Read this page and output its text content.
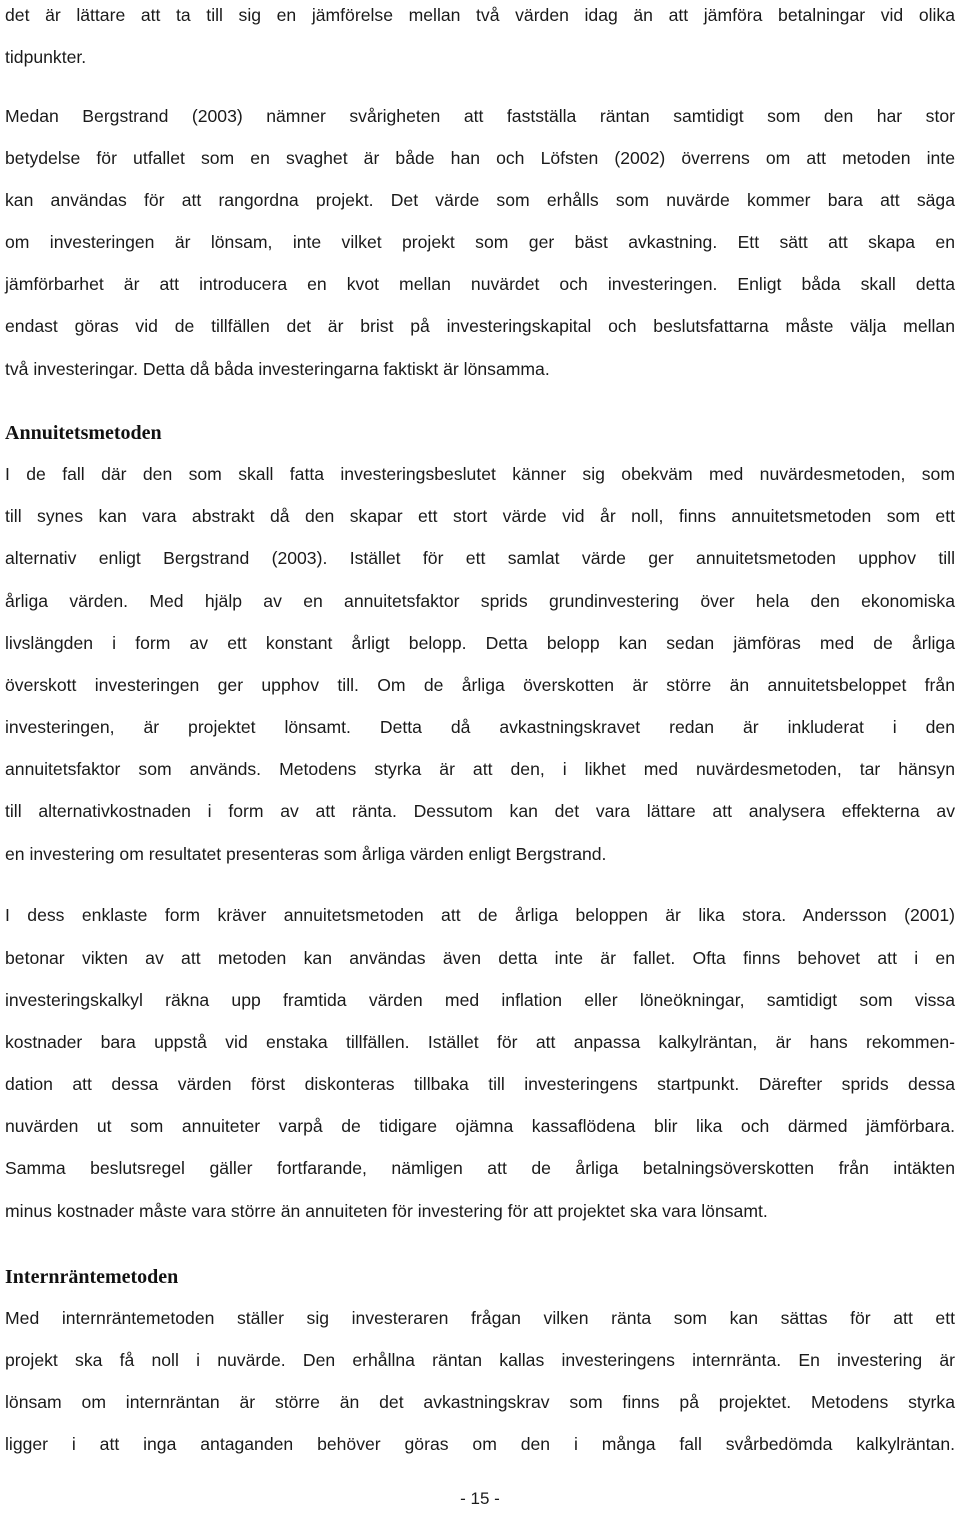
det är lättare att ta till sig en jämförelse mellan två värden idag än att jämföra betalningar vid olika
tidpunkter.
Medan Bergstrand (2003) nämner svårigheten att fastställa räntan samtidigt som den har stor
betydelse för utfallet som en svaghet är både han och Löfsten (2002) överrens om att metoden inte
kan användas för att rangordna projekt. Det värde som erhålls som nuvärde kommer bara att säga
om investeringen är lönsam, inte vilket projekt som ger bäst avkastning. Ett sätt att skapa en
jämförbarhet är att introducera en kvot mellan nuvärdet och investeringen. Enligt båda skall detta
endast göras vid de tillfällen det är brist på investeringskapital och beslutsfattarna måste välja mellan
två investeringar. Detta då båda investeringarna faktiskt är lönsamma.
Annuitetsmetoden
I de fall där den som skall fatta investeringsbeslutet känner sig obekväm med nuvärdesmetoden, som
till synes kan vara abstrakt då den skapar ett stort värde vid år noll, finns annuitetsmetoden som ett
alternativ enligt Bergstrand (2003). Istället för ett samlat värde ger annuitetsmetoden upphov till
årliga värden. Med hjälp av en annuitetsfaktor sprids grundinvestering över hela den ekonomiska
livslängden i form av ett konstant årligt belopp. Detta belopp kan sedan jämföras med de årliga
överskott investeringen ger upphov till. Om de årliga överskotten är större än annuitetsbeloppet från
investeringen, är projektet lönsamt. Detta då avkastningskravet redan är inkluderat i den
annuitetsfaktor som används. Metodens styrka är att den, i likhet med nuvärdesmetoden, tar hänsyn
till alternativkostnaden i form av att ränta. Dessutom kan det vara lättare att analysera effekterna av
en investering om resultatet presenteras som årliga värden enligt Bergstrand.
I dess enklaste form kräver annuitetsmetoden att de årliga beloppen är lika stora. Andersson (2001)
betonar vikten av att metoden kan användas även detta inte är fallet. Ofta finns behovet att i en
investeringskalkyl räkna upp framtida värden med inflation eller löneökningar, samtidigt som vissa
kostnader bara uppstå vid enstaka tillfällen. Istället för att anpassa kalkylräntan, är hans rekommen-
dation att dessa värden först diskonteras tillbaka till investeringens startpunkt. Därefter sprids dessa
nuvärden ut som annuiteter varpå de tidigare ojämna kassaflödena blir lika och därmed jämförbara.
Samma beslutsregel gäller fortfarande, nämligen att de årliga betalningsöverskotten från intäkten
minus kostnader måste vara större än annuiteten för investering för att projektet ska vara lönsamt.
Internräntemetoden
Med internräntemetoden ställer sig investeraren frågan vilken ränta som kan sättas för att ett
projekt ska få noll i nuvärde. Den erhållna räntan kallas investeringens internränta. En investering är
lönsam om internräntan är större än det avkastningskrav som finns på projektet. Metodens styrka
ligger i att inga antaganden behöver göras om den i många fall svårbedömda kalkylräntan.
- 15 -
